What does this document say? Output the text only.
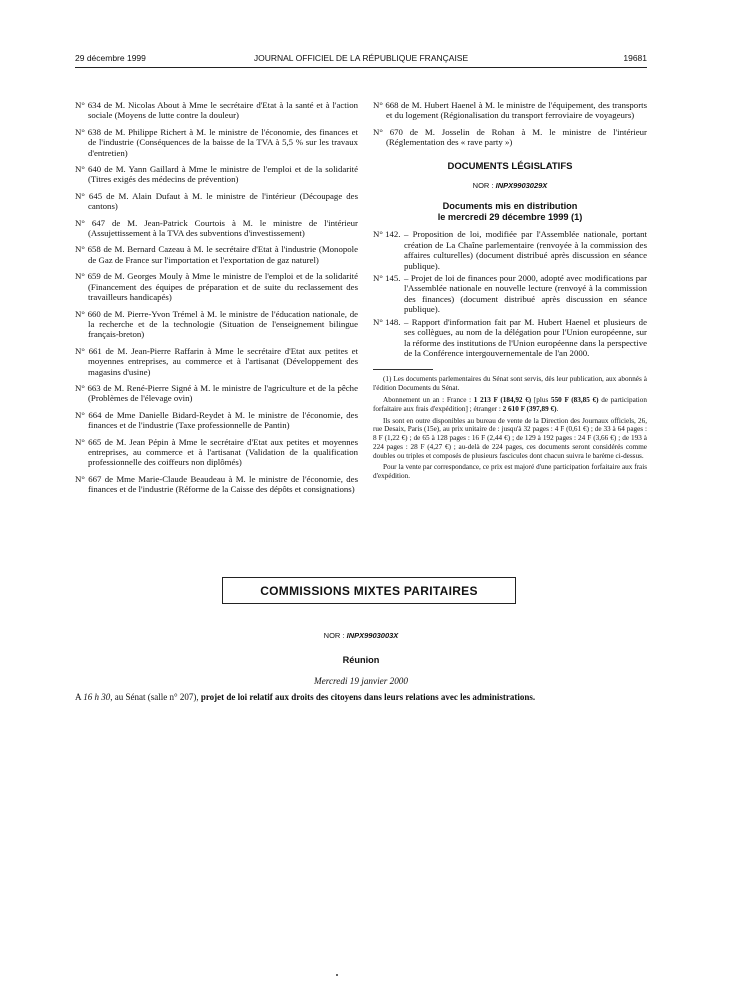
29 décembre 1999	JOURNAL OFFICIEL DE LA RÉPUBLIQUE FRANÇAISE	19681

N° 634 de M. Nicolas About à Mme le secrétaire d'Etat à la santé et à l'action sociale (Moyens de lutte contre la douleur)

N° 638 de M. Philippe Richert à M. le ministre de l'économie, des finances et de l'industrie (Conséquences de la baisse de la TVA à 5,5 % sur les travaux d'entretien)

N° 640 de M. Yann Gaillard à Mme le ministre de l'emploi et de la solidarité (Titres exigés des médecins de prévention)

N° 645 de M. Alain Dufaut à M. le ministre de l'intérieur (Découpage des cantons)

N° 647 de M. Jean-Patrick Courtois à M. le ministre de l'intérieur (Assujettissement à la TVA des subventions d'investissement)

N° 658 de M. Bernard Cazeau à M. le secrétaire d'Etat à l'industrie (Monopole de Gaz de France sur l'importation et l'exportation de gaz naturel)

N° 659 de M. Georges Mouly à Mme le ministre de l'emploi et de la solidarité (Financement des équipes de préparation et de suite du reclassement des travailleurs handicapés)

N° 660 de M. Pierre-Yvon Trémel à M. le ministre de l'éducation nationale, de la recherche et de la technologie (Situation de l'enseignement bilingue français-breton)

N° 661 de M. Jean-Pierre Raffarin à Mme le secrétaire d'Etat aux petites et moyennes entreprises, au commerce et à l'artisanat (Développement des magasins d'usine)

N° 663 de M. René-Pierre Signé à M. le ministre de l'agriculture et de la pêche (Problèmes de l'élevage ovin)

N° 664 de Mme Danielle Bidard-Reydet à M. le ministre de l'économie, des finances et de l'industrie (Taxe professionnelle de Pantin)

N° 665 de M. Jean Pépin à Mme le secrétaire d'Etat aux petites et moyennes entreprises, au commerce et à l'artisanat (Validation de la qualification professionnelle des coiffeurs non diplômés)

N° 667 de Mme Marie-Claude Beaudeau à M. le ministre de l'économie, des finances et de l'industrie (Réforme de la Caisse des dépôts et consignations)

N° 668 de M. Hubert Haenel à M. le ministre de l'équipement, des transports et du logement (Régionalisation du transport ferroviaire de voyageurs)

N° 670 de M. Josselin de Rohan à M. le ministre de l'intérieur (Réglementation des « rave party »)

DOCUMENTS LÉGISLATIFS
NOR : INPX9903029X
Documents mis en distribution
le mercredi 29 décembre 1999 (1)
N° 142. – Proposition de loi, modifiée par l'Assemblée nationale, portant création de La Chaîne parlementaire (renvoyée à la commission des affaires culturelles) (document distribué après discussion en séance publique).
N° 145. – Projet de loi de finances pour 2000, adopté avec modifications par l'Assemblée nationale en nouvelle lecture (renvoyé à la commission des finances) (document distribué après discussion en séance publique).
N° 148. – Rapport d'information fait par M. Hubert Haenel et plusieurs de ses collègues, au nom de la délégation pour l'Union européenne, sur la réforme des institutions de l'Union européenne dans la perspective de la Conférence intergouvernementale de l'an 2000.

(1) Les documents parlementaires du Sénat sont servis, dès leur publication, aux abonnés à l'édition Documents du Sénat.

Abonnement un an : France : 1 213 F (184,92 €) [plus 550 F (83,85 €) de participation forfaitaire aux frais d'expédition] ; étranger : 2 610 F (397,89 €).

Ils sont en outre disponibles au bureau de vente de la Direction des Journaux officiels, 26, rue Desaix, Paris (15e), au prix unitaire de : jusqu'à 32 pages : 4 F (0,61 €) ; de 33 à 64 pages : 8 F (1,22 €) ; de 65 à 128 pages : 16 F (2,44 €) ; de 129 à 192 pages : 24 F (3,66 €) ; de 193 à 224 pages : 28 F (4,27 €) ; au-delà de 224 pages, ces documents seront considérés comme doubles ou triples et composés de plusieurs fascicules dont chacun suivra le barème ci-dessus.

Pour la vente par correspondance, ce prix est majoré d'une participation forfaitaire aux frais d'expédition.

COMMISSIONS MIXTES PARITAIRES
NOR : INPX9903003X
Réunion
Mercredi 19 janvier 2000
A 16 h 30, au Sénat (salle n° 207), projet de loi relatif aux droits des citoyens dans leurs relations avec les administrations.
